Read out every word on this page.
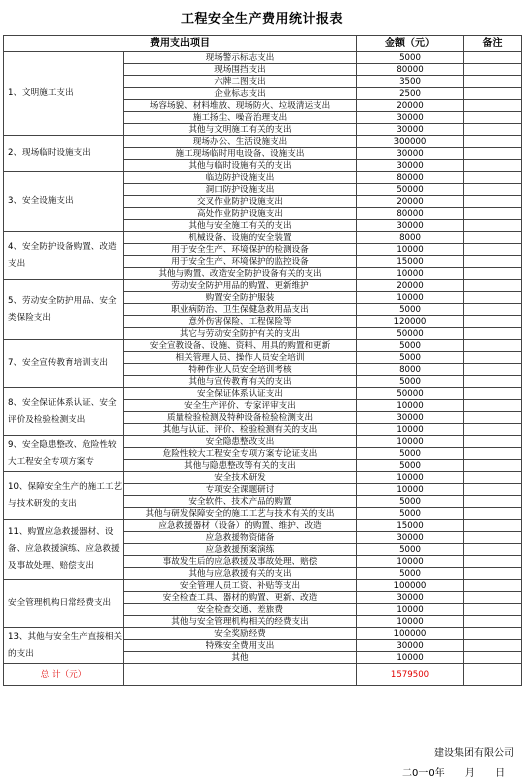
工程安全生产费用统计报表
费用支出项目		金额（元）	备注
1、文明施工支出	现场警示标志支出	5000	
	现场围挡支出	80000	
	六牌二图支出	3500	
	企业标志支出	2500	
	场容场貌、材料堆放、现场防火、垃圾清运支出	20000	
	施工扬尘、噪音治理支出	30000	
	其他与文明施工有关的支出	30000	
2、现场临时设施支出	现场办公、生活设施支出	300000	
	施工现场临时用电设备、设施支出	30000	
	其他与临时设施有关的支出	30000	
3、安全设施支出	临边防护设施支出	80000	
	洞口防护设施支出	50000	
	交叉作业防护设施支出	20000	
	高处作业防护设施支出	80000	
	其他与安全施工有关的支出	30000	
4、安全防护设备购置、改造支出	机械设备、设施的安全装置	8000	
	用于安全生产、环境保护的检测设备	10000	
	用于安全生产、环境保护的监控设备	15000	
	其他与购置、改造安全防护设备有关的支出	10000	
5、劳动安全防护用品、安全类保险支出	劳动安全防护用品的购置、更新维护	20000	
	购置安全防护服装	10000	
	职业病防治、卫生保健急救用品支出	5000	
	意外伤害保险、工程保险等	120000	
	其它与劳动安全防护有关的支出	50000	
7、安全宣传教育培训支出	安全宣教设备、设施、资料、用具的购置和更新	5000	
	相关管理人员、操作人员安全培训	5000	
	特种作业人员安全培训考核	8000	
	其他与宣传教育有关的支出	5000	
8、安全保证体系认证、安全评价及检验检测支出	安全保证体系认证支出	50000	
	安全生产评价、专家评审支出	10000	
	质量检验检测及特种设备检验检测支出	30000	
	其他与认证、评价、检验检测有关的支出	10000	
9、安全隐患整改、危险性较大工程安全专项方案专	安全隐患整改支出	10000	
	危险性较大工程安全专项方案专论证支出	5000	
	其他与隐患整改等有关的支出	5000	
10、保障安全生产的施工工艺与技术研发的支出	安全技术研发	10000	
	专项安全课题研讨	10000	
	安全软件、技术产品的购置	5000	
	其他与研发保障安全的施工工艺与技术有关的支出	5000	
11、购置应急救援器材、设备、应急救援演练、应急救援及事故处理、赔偿支出	应急救援器材（设备）的购置、维护、改造	15000	
	应急救援物资储备	30000	
	应急救援预案演练	5000	
	事故发生后的应急救援及事故处理、赔偿	10000	
	其他与应急救援有关的支出	5000	
安全管理机构日常经费支出	安全管理人员工资、补贴等支出	100000	
	安全检查工具、器材的购置、更新、改造	30000	
	安全检查交通、差旅费	10000	
	其他与安全管理机构相关的经费支出	10000	
13、其他与安全生产直接相关的支出	安全奖励经费	100000	
	特殊安全费用支出	30000	
	其他	10000	
总 计（元）		1579500	
建设集团有限公司
二0一0年 月 日
